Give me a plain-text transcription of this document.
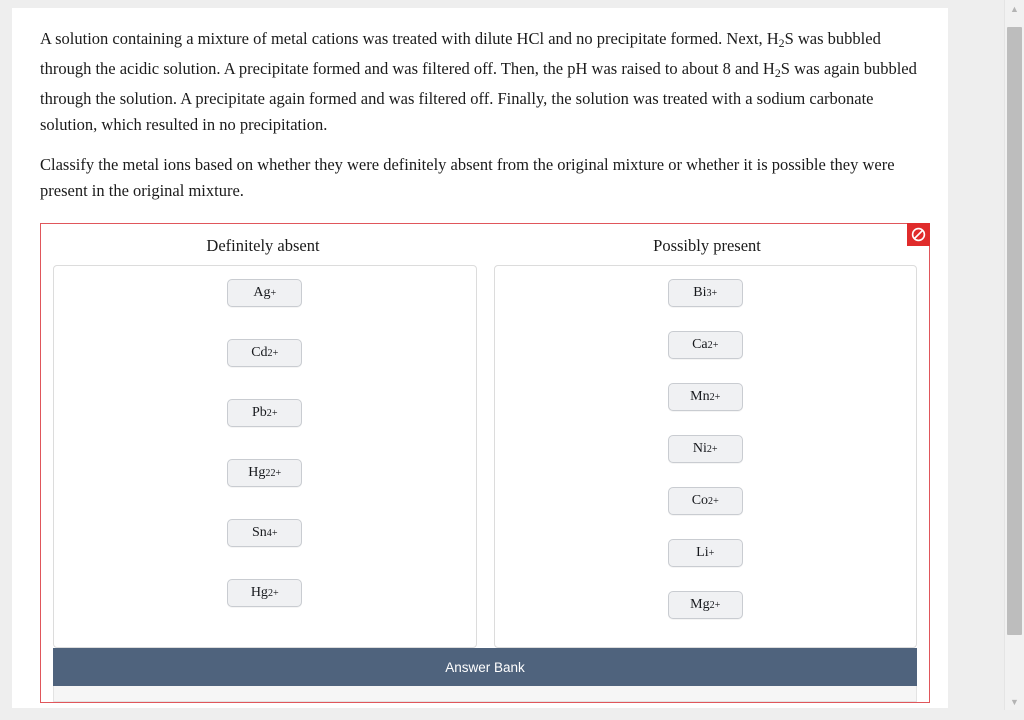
A solution containing a mixture of metal cations was treated with dilute HCl and no precipitate formed. Next, $H_2S$ was bubbled through the acidic solution. A precipitate formed and was filtered off. Then, the pH was raised to about 8 and $H_2S$ was again bubbled through the solution. A precipitate again formed and was filtered off. Finally, the solution was treated with a sodium carbonate solution, which resulted in no precipitation.

Classify the metal ions based on whether they were definitely absent from the original mixture or whether it is possible they were present in the original mixture.

Definitely absent	Possibly present
Ag +
Cd 2+
Pb 2+
Hg 2 2+
Sn 4+
Hg 2+
Bi 3+
Ca 2+
Mn 2+
Ni 2+
Co 2+
Li +
Mg 2+
Answer Bank
▲
▼
